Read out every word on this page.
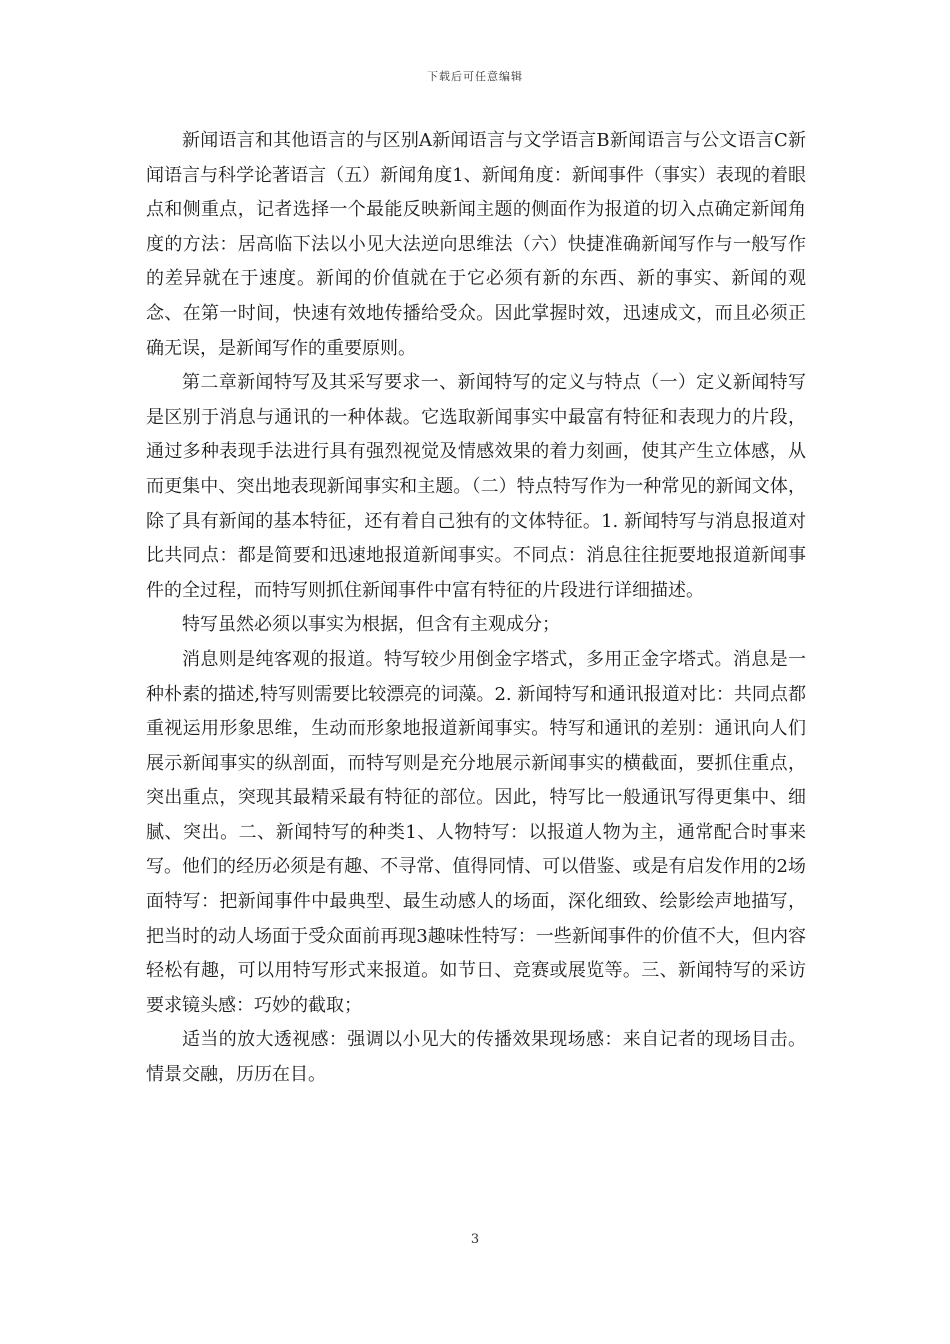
下载后可任意编辑

新闻语言和其他语言的与区别A新闻语言与文学语言B新闻语言与公文语言C新闻语言与科学论著语言（五）新闻角度1、新闻角度：新闻事件（事实）表现的着眼点和侧重点，记者选择一个最能反映新闻主题的侧面作为报道的切入点确定新闻角度的方法：居高临下法以小见大法逆向思维法（六）快捷准确新闻写作与一般写作的差异就在于速度。新闻的价值就在于它必须有新的东西、新的事实、新闻的观念、在第一时间，快速有效地传播给受众。因此掌握时效，迅速成文，而且必须正确无误，是新闻写作的重要原则。

第二章新闻特写及其采写要求一、新闻特写的定义与特点（一）定义新闻特写是区别于消息与通讯的一种体裁。它选取新闻事实中最富有特征和表现力的片段，通过多种表现手法进行具有强烈视觉及情感效果的着力刻画，使其产生立体感，从而更集中、突出地表现新闻事实和主题。（二）特点特写作为一种常见的新闻文体，除了具有新闻的基本特征，还有着自己独有的文体特征。1. 新闻特写与消息报道对比共同点：都是简要和迅速地报道新闻事实。不同点：消息往往扼要地报道新闻事件的全过程，而特写则抓住新闻事件中富有特征的片段进行详细描述。

特写虽然必须以事实为根据，但含有主观成分；

消息则是纯客观的报道。特写较少用倒金字塔式，多用正金字塔式。消息是一种朴素的描述,特写则需要比较漂亮的词藻。2. 新闻特写和通讯报道对比：共同点都重视运用形象思维，生动而形象地报道新闻事实。特写和通讯的差别：通讯向人们展示新闻事实的纵剖面，而特写则是充分地展示新闻事实的横截面，要抓住重点，突出重点，突现其最精采最有特征的部位。因此，特写比一般通讯写得更集中、细腻、突出。二、新闻特写的种类1、人物特写：以报道人物为主，通常配合时事来写。他们的经历必须是有趣、不寻常、值得同情、可以借鉴、或是有启发作用的2场面特写：把新闻事件中最典型、最生动感人的场面，深化细致、绘影绘声地描写，把当时的动人场面于受众面前再现3趣味性特写：一些新闻事件的价值不大，但内容轻松有趣，可以用特写形式来报道。如节日、竞赛或展览等。三、新闻特写的采访要求镜头感：巧妙的截取；

适当的放大透视感：强调以小见大的传播效果现场感：来自记者的现场目击。情景交融，历历在目。

3
